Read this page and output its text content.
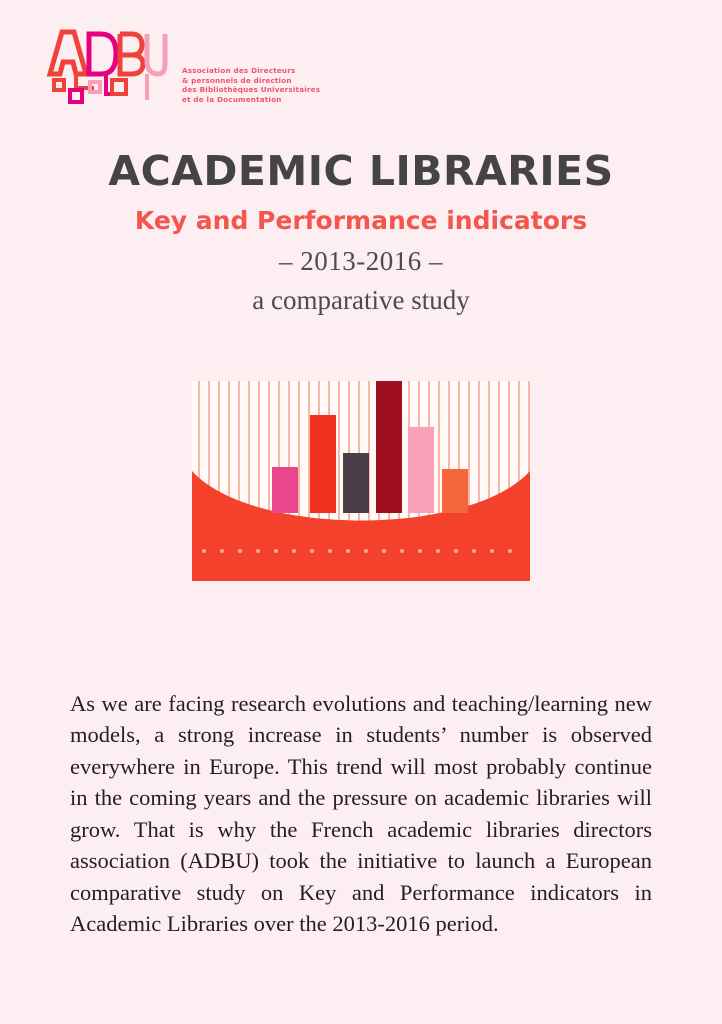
Association des Directeurs
& personnels de direction
des Bibliothèques Universitaires
et de la Documentation
ACADEMIC LIBRARIES
Key and Performance indicators
– 2013-2016 –
a comparative study

As we are facing research evolutions and teaching/learning new models, a strong increase in students’ number is observed everywhere in Europe. This trend will most probably continue in the coming years and the pressure on academic libraries will grow. That is why the French academic libraries directors association (ADBU) took the initiative to launch a European comparative study on Key and Performance indicators in Academic Libraries over the 2013-2016 period.
